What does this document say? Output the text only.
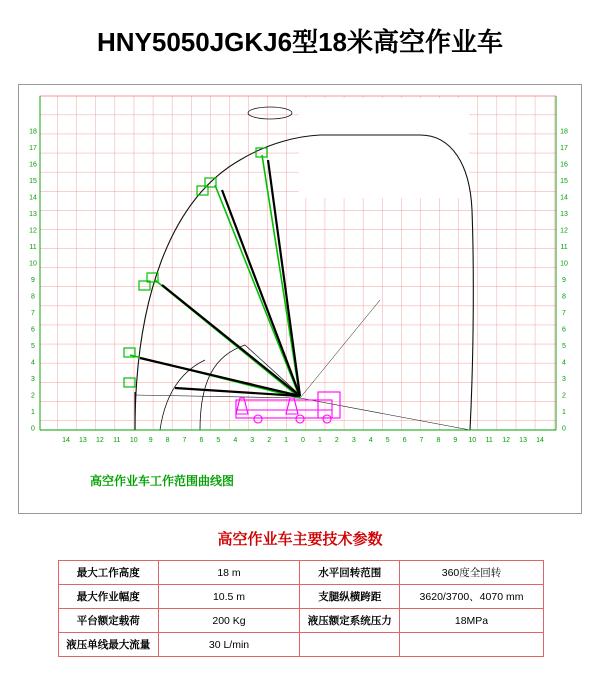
HNY5050JGKJ6型18米高空作业车
18
17
16
15
14
13
12
11
10
9
8
7
6
5
4
3
2
1
0
18
17
16
15
14
13
12
11
10
9
8
7
6
5
4
3
2
1
0
14 13 12 11 10 9 8 7 6 5 4 3 2 1 0 1 2 3 4 5 6 7 8 9 10 11 12 13 14
高空作业车工作范围曲线图
高空作业车主要技术参数
最大工作高度	18 m	水平回转范围	360度全回转
最大作业幅度	10.5 m	支腿纵横跨距	3620/3700、4070 mm
平台额定载荷	200 Kg	液压额定系统压力	18MPa
液压单线最大流量	30 L/min		
